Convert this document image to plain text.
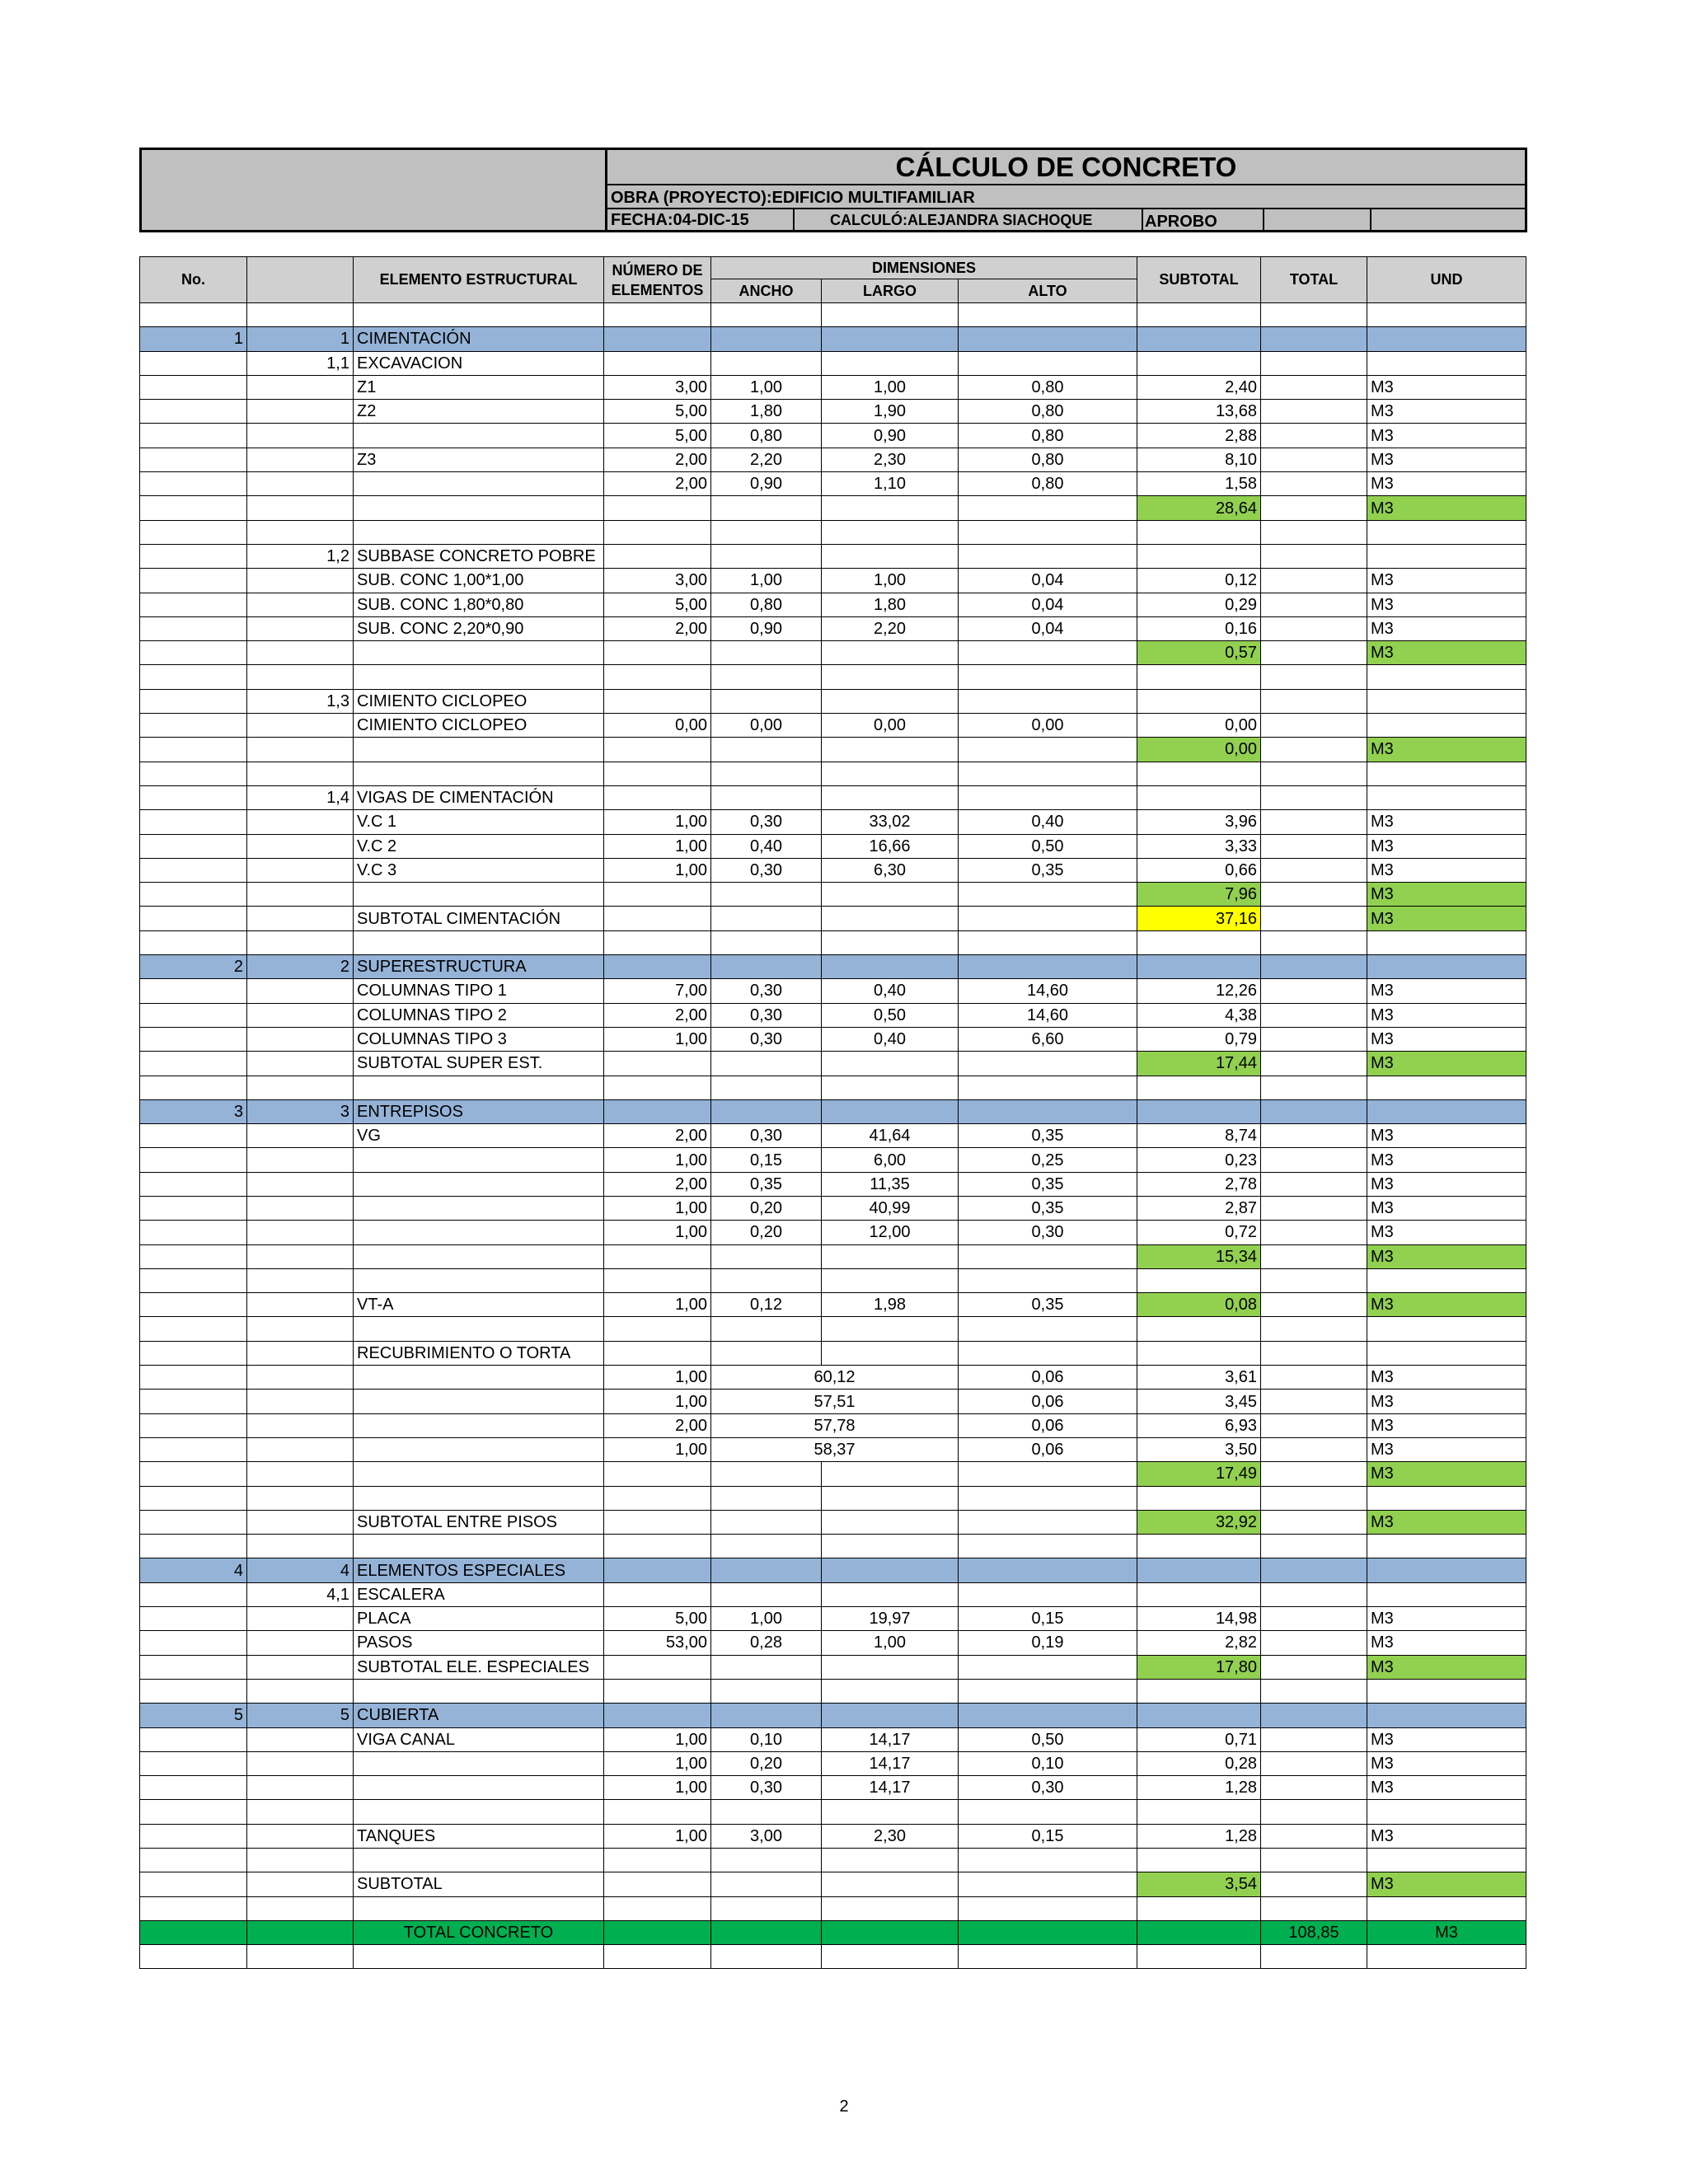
CÁLCULO DE CONCRETO
OBRA (PROYECTO):EDIFICIO MULTIFAMILIAR
FECHA:04-DIC-15	CALCULÓ:ALEJANDRA SIACHOQUE	APROBO
No.		ELEMENTO ESTRUCTURAL	NÚMERO DE ELEMENTOS	DIMENSIONES			SUBTOTAL	TOTAL	UND
				ANCHO	LARGO	ALTO			

1	1	CIMENTACIÓN							
	1,1	EXCAVACION							
		Z1	3,00	1,00	1,00	0,80	2,40		M3
		Z2	5,00	1,80	1,90	0,80	13,68		M3
			5,00	0,80	0,90	0,80	2,88		M3
		Z3	2,00	2,20	2,30	0,80	8,10		M3
			2,00	0,90	1,10	0,80	1,58		M3
							28,64		M3

	1,2	SUBBASE CONCRETO POBRE							
		SUB. CONC 1,00*1,00	3,00	1,00	1,00	0,04	0,12		M3
		SUB. CONC 1,80*0,80	5,00	0,80	1,80	0,04	0,29		M3
		SUB. CONC 2,20*0,90	2,00	0,90	2,20	0,04	0,16		M3
							0,57		M3

	1,3	CIMIENTO CICLOPEO							
		CIMIENTO CICLOPEO	0,00	0,00	0,00	0,00	0,00		
							0,00		M3

	1,4	VIGAS DE CIMENTACIÓN							
		V.C 1	1,00	0,30	33,02	0,40	3,96		M3
		V.C 2	1,00	0,40	16,66	0,50	3,33		M3
		V.C 3	1,00	0,30	6,30	0,35	0,66		M3
							7,96		M3
		SUBTOTAL CIMENTACIÓN					37,16		M3

2	2	SUPERESTRUCTURA							
		COLUMNAS TIPO 1	7,00	0,30	0,40	14,60	12,26		M3
		COLUMNAS TIPO 2	2,00	0,30	0,50	14,60	4,38		M3
		COLUMNAS TIPO 3	1,00	0,30	0,40	6,60	0,79		M3
		SUBTOTAL SUPER EST.					17,44		M3

3	3	ENTREPISOS							
		VG	2,00	0,30	41,64	0,35	8,74		M3
			1,00	0,15	6,00	0,25	0,23		M3
			2,00	0,35	11,35	0,35	2,78		M3
			1,00	0,20	40,99	0,35	2,87		M3
			1,00	0,20	12,00	0,30	0,72		M3
							15,34		M3

		VT-A	1,00	0,12	1,98	0,35	0,08		M3

		RECUBRIMIENTO O TORTA							
			1,00	60,12		0,06	3,61		M3
			1,00	57,51		0,06	3,45		M3
			2,00	57,78		0,06	6,93		M3
			1,00	58,37		0,06	3,50		M3
							17,49		M3

		SUBTOTAL ENTRE PISOS					32,92		M3

4	4	ELEMENTOS ESPECIALES							
	4,1	ESCALERA							
		PLACA	5,00	1,00	19,97	0,15	14,98		M3
		PASOS	53,00	0,28	1,00	0,19	2,82		M3
		SUBTOTAL ELE. ESPECIALES					17,80		M3

5	5	CUBIERTA							
		VIGA CANAL	1,00	0,10	14,17	0,50	0,71		M3
			1,00	0,20	14,17	0,10	0,28		M3
			1,00	0,30	14,17	0,30	1,28		M3

		TANQUES	1,00	3,00	2,30	0,15	1,28		M3

		SUBTOTAL					3,54		M3

		TOTAL CONCRETO						108,85	M3

2
